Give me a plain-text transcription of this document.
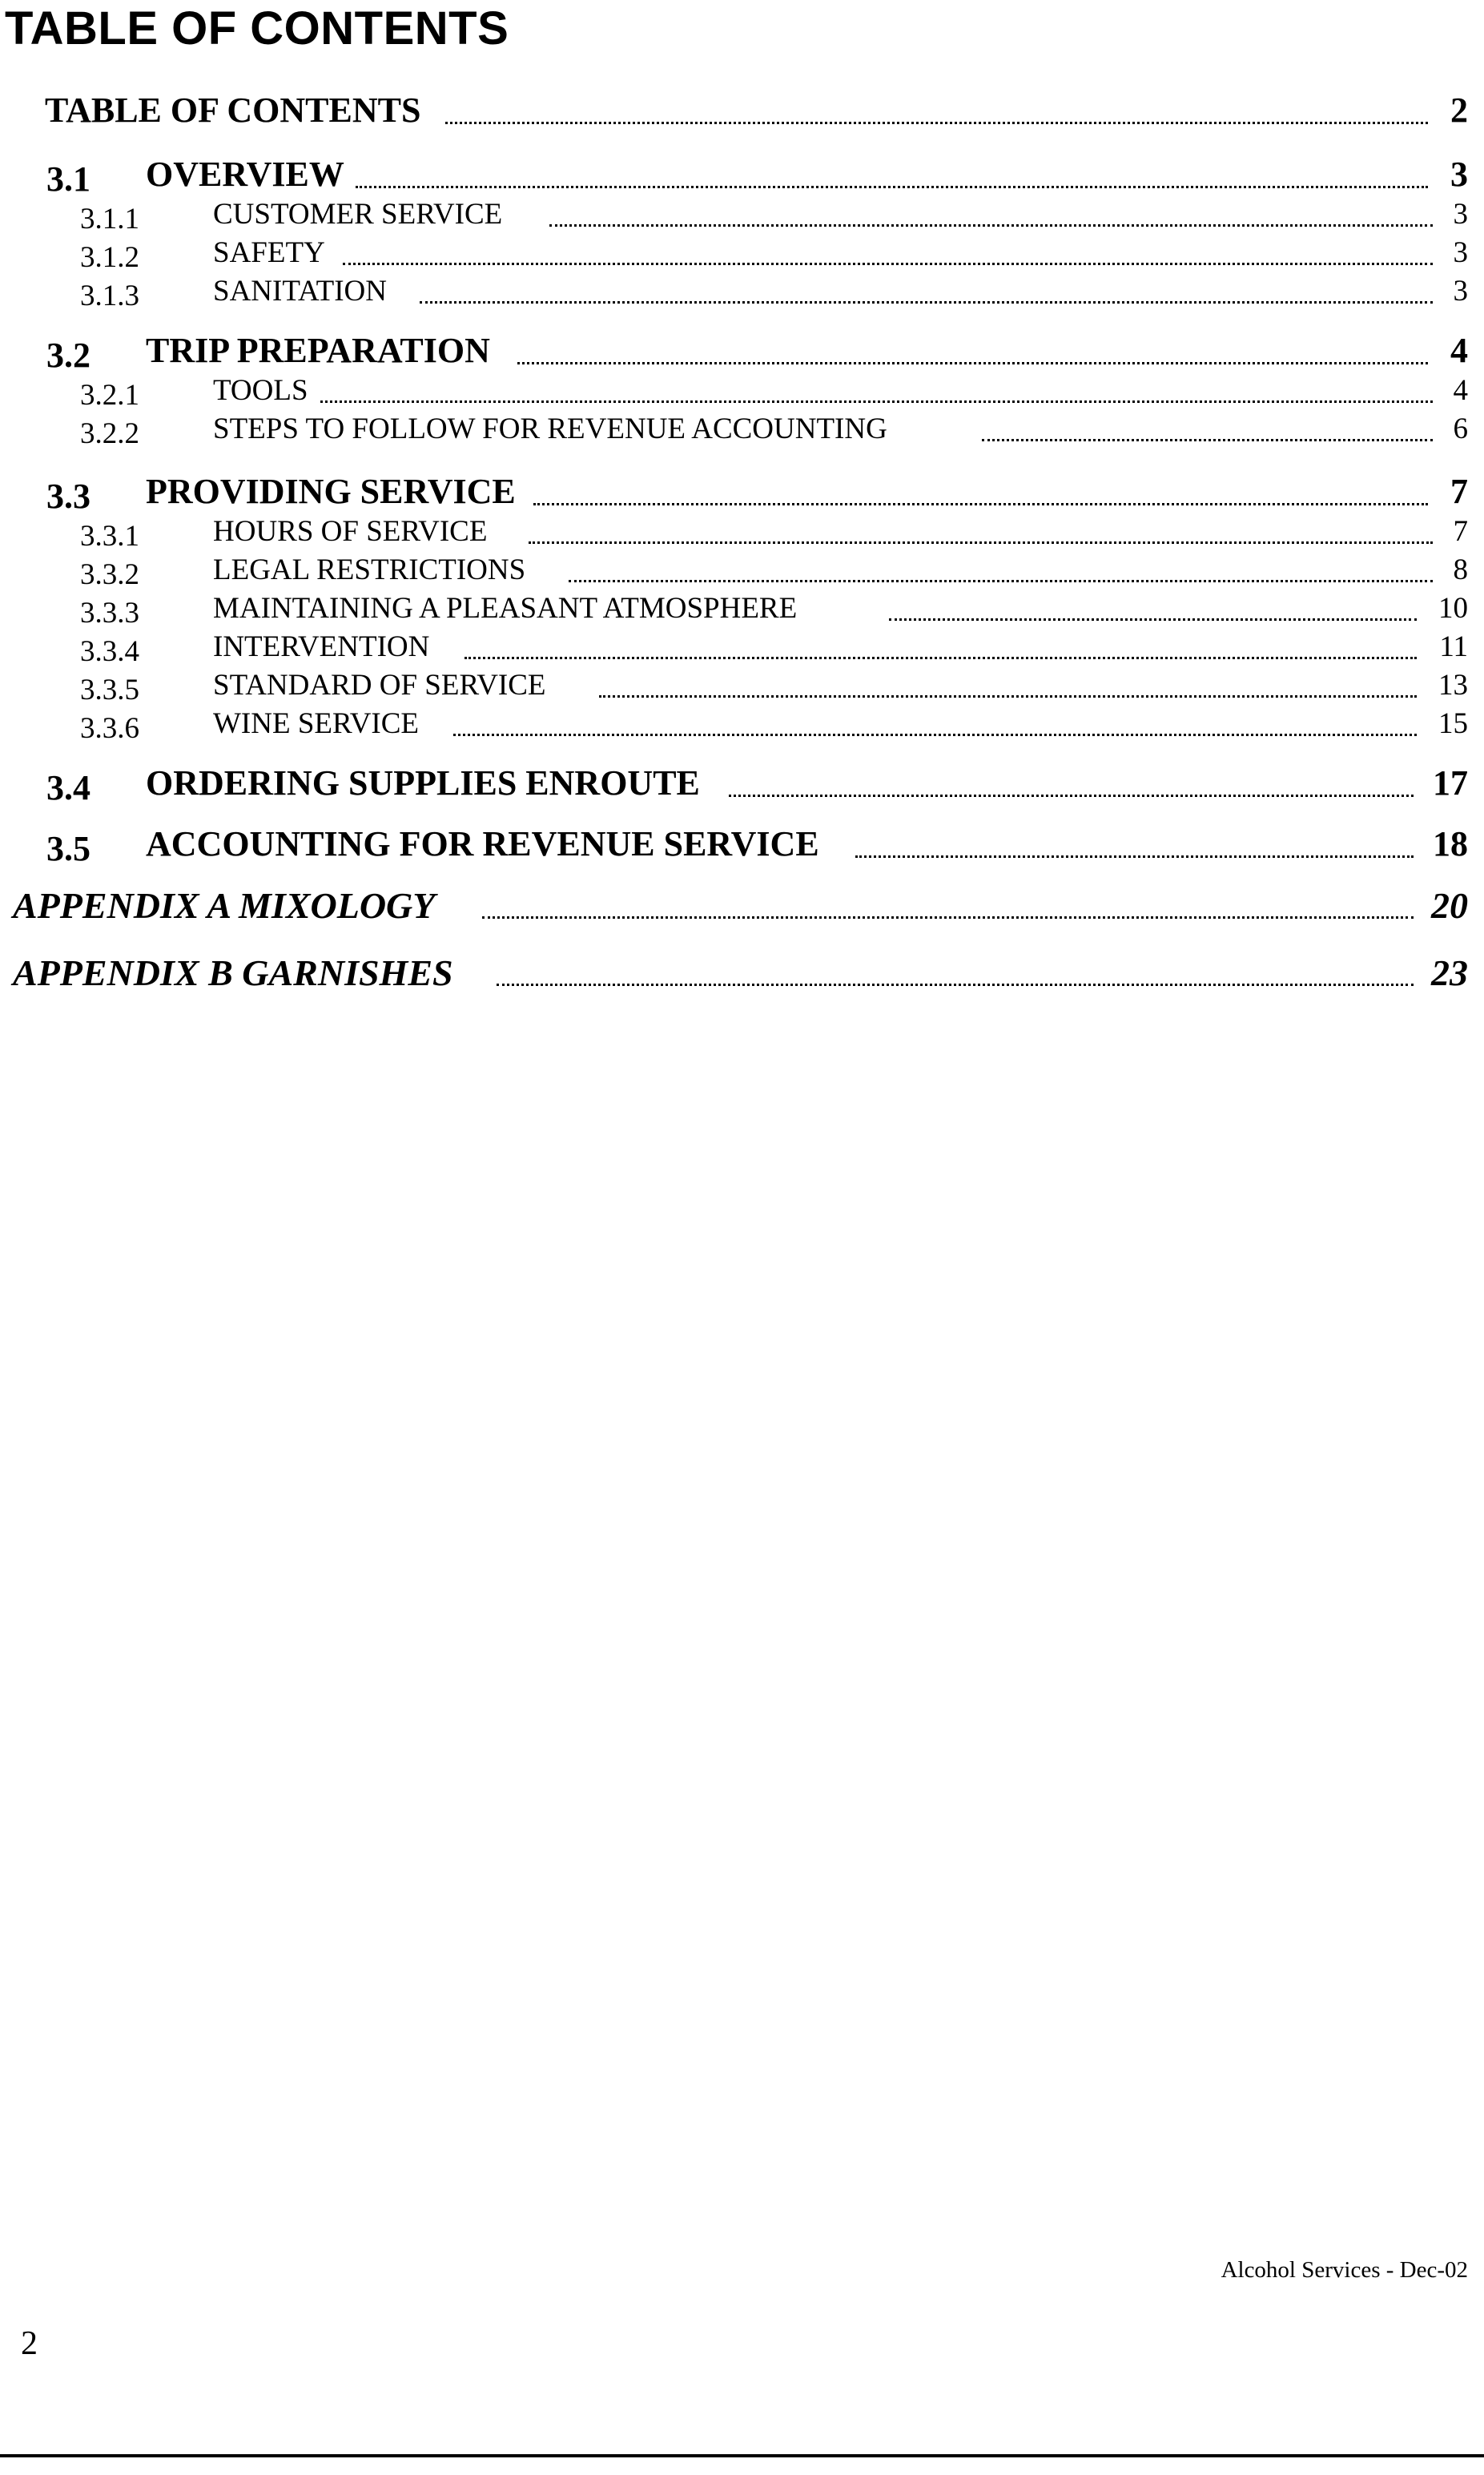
TABLE OF CONTENTS
TABLE OF CONTENTS	2
3.1 OVERVIEW	3
3.1.1 CUSTOMER SERVICE	3
3.1.2 SAFETY	3
3.1.3 SANITATION	3
3.2 TRIP PREPARATION	4
3.2.1 TOOLS	4
3.2.2 STEPS TO FOLLOW FOR REVENUE ACCOUNTING	6
3.3 PROVIDING SERVICE	7
3.3.1 HOURS OF SERVICE	7
3.3.2 LEGAL RESTRICTIONS	8
3.3.3 MAINTAINING A PLEASANT ATMOSPHERE	10
3.3.4 INTERVENTION	11
3.3.5 STANDARD OF SERVICE	13
3.3.6 WINE SERVICE	15
3.4 ORDERING SUPPLIES ENROUTE	17
3.5 ACCOUNTING FOR REVENUE SERVICE	18
APPENDIX A MIXOLOGY	20
APPENDIX B GARNISHES	23
Alcohol Services - Dec-02
2
